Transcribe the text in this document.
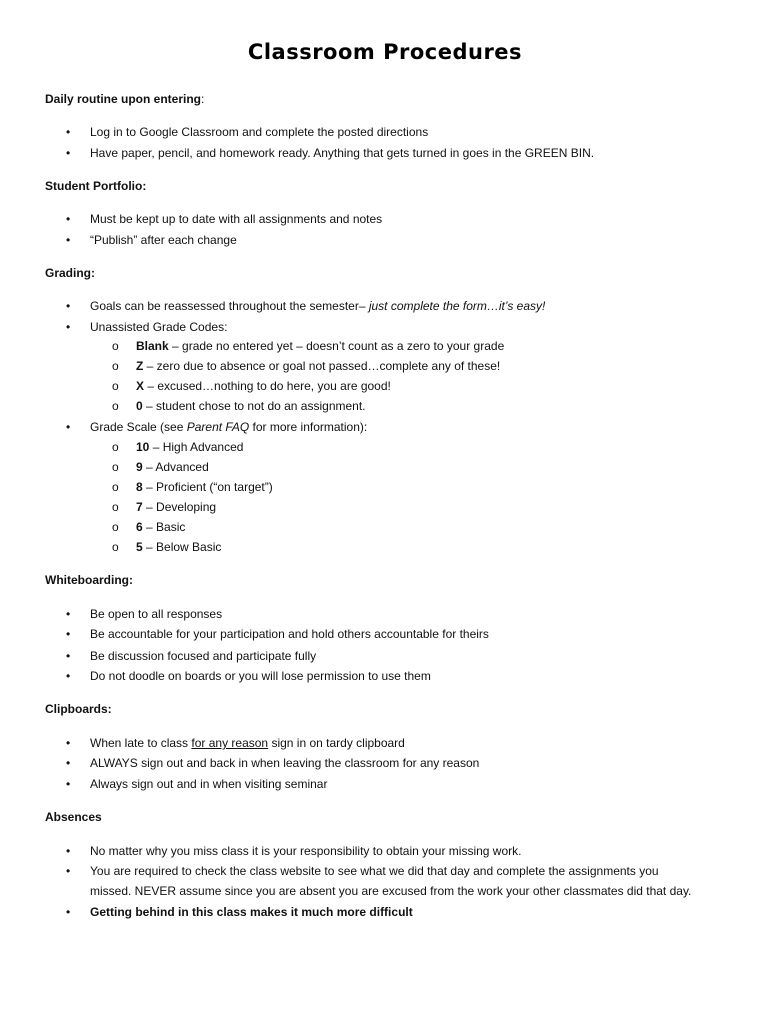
Classroom Procedures

Daily routine upon entering:

• Log in to Google Classroom and complete the posted directions
• Have paper, pencil, and homework ready. Anything that gets turned in goes in the GREEN BIN.

Student Portfolio:

• Must be kept up to date with all assignments and notes
• “Publish” after each change

Grading:

• Goals can be reassessed throughout the semester– just complete the form…it’s easy!
• Unassisted Grade Codes:
o Blank – grade no entered yet – doesn’t count as a zero to your grade
o Z – zero due to absence or goal not passed…complete any of these!
o X – excused…nothing to do here, you are good!
o 0 – student chose to not do an assignment.
• Grade Scale (see Parent FAQ for more information):
o 10 – High Advanced
o 9 – Advanced
o 8 – Proficient (“on target”)
o 7 – Developing
o 6 – Basic
o 5 – Below Basic

Whiteboarding:

• Be open to all responses
• Be accountable for your participation and hold others accountable for theirs
• Be discussion focused and participate fully
• Do not doodle on boards or you will lose permission to use them

Clipboards:

• When late to class for any reason sign in on tardy clipboard
• ALWAYS sign out and back in when leaving the classroom for any reason
• Always sign out and in when visiting seminar

Absences

• No matter why you miss class it is your responsibility to obtain your missing work.
• You are required to check the class website to see what we did that day and complete the assignments you
missed. NEVER assume since you are absent you are excused from the work your other classmates did that day.
• Getting behind in this class makes it much more difficult
